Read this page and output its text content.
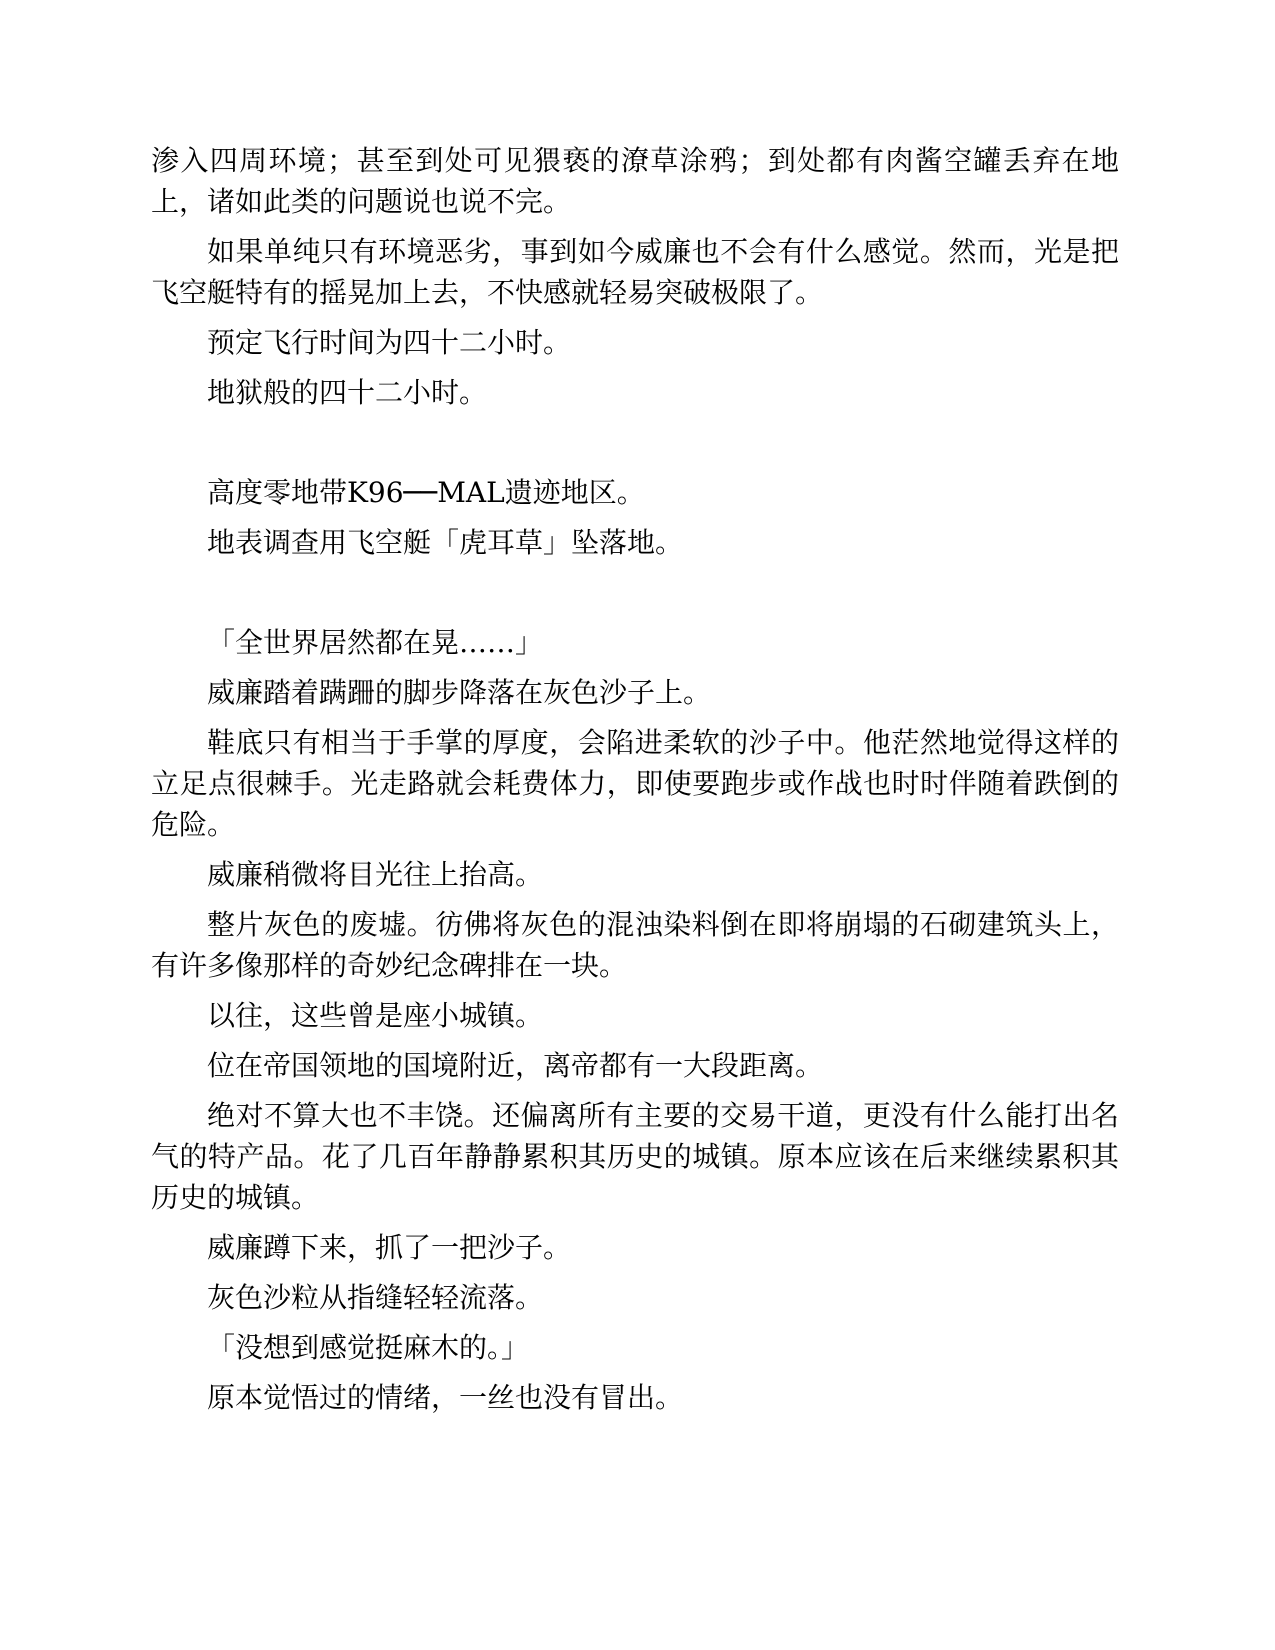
渗入四周环境；甚至到处可见猥亵的潦草涂鸦；到处都有肉酱空罐丢弃在地上，诸如此类的问题说也说不完。

如果单纯只有环境恶劣，事到如今威廉也不会有什么感觉。然而，光是把飞空艇特有的摇晃加上去，不快感就轻易突破极限了。

预定飞行时间为四十二小时。

地狱般的四十二小时。

高度零地带K96──MAL遗迹地区。

地表调查用飞空艇「虎耳草」坠落地。

「全世界居然都在晃……」

威廉踏着蹒跚的脚步降落在灰色沙子上。

鞋底只有相当于手掌的厚度，会陷进柔软的沙子中。他茫然地觉得这样的立足点很棘手。光走路就会耗费体力，即使要跑步或作战也时时伴随着跌倒的危险。

威廉稍微将目光往上抬高。

整片灰色的废墟。彷佛将灰色的混浊染料倒在即将崩塌的石砌建筑头上，有许多像那样的奇妙纪念碑排在一块。

以往，这些曾是座小城镇。

位在帝国领地的国境附近，离帝都有一大段距离。

绝对不算大也不丰饶。还偏离所有主要的交易干道，更没有什么能打出名气的特产品。花了几百年静静累积其历史的城镇。原本应该在后来继续累积其历史的城镇。

威廉蹲下来，抓了一把沙子。

灰色沙粒从指缝轻轻流落。

「没想到感觉挺麻木的。」

原本觉悟过的情绪，一丝也没有冒出。
